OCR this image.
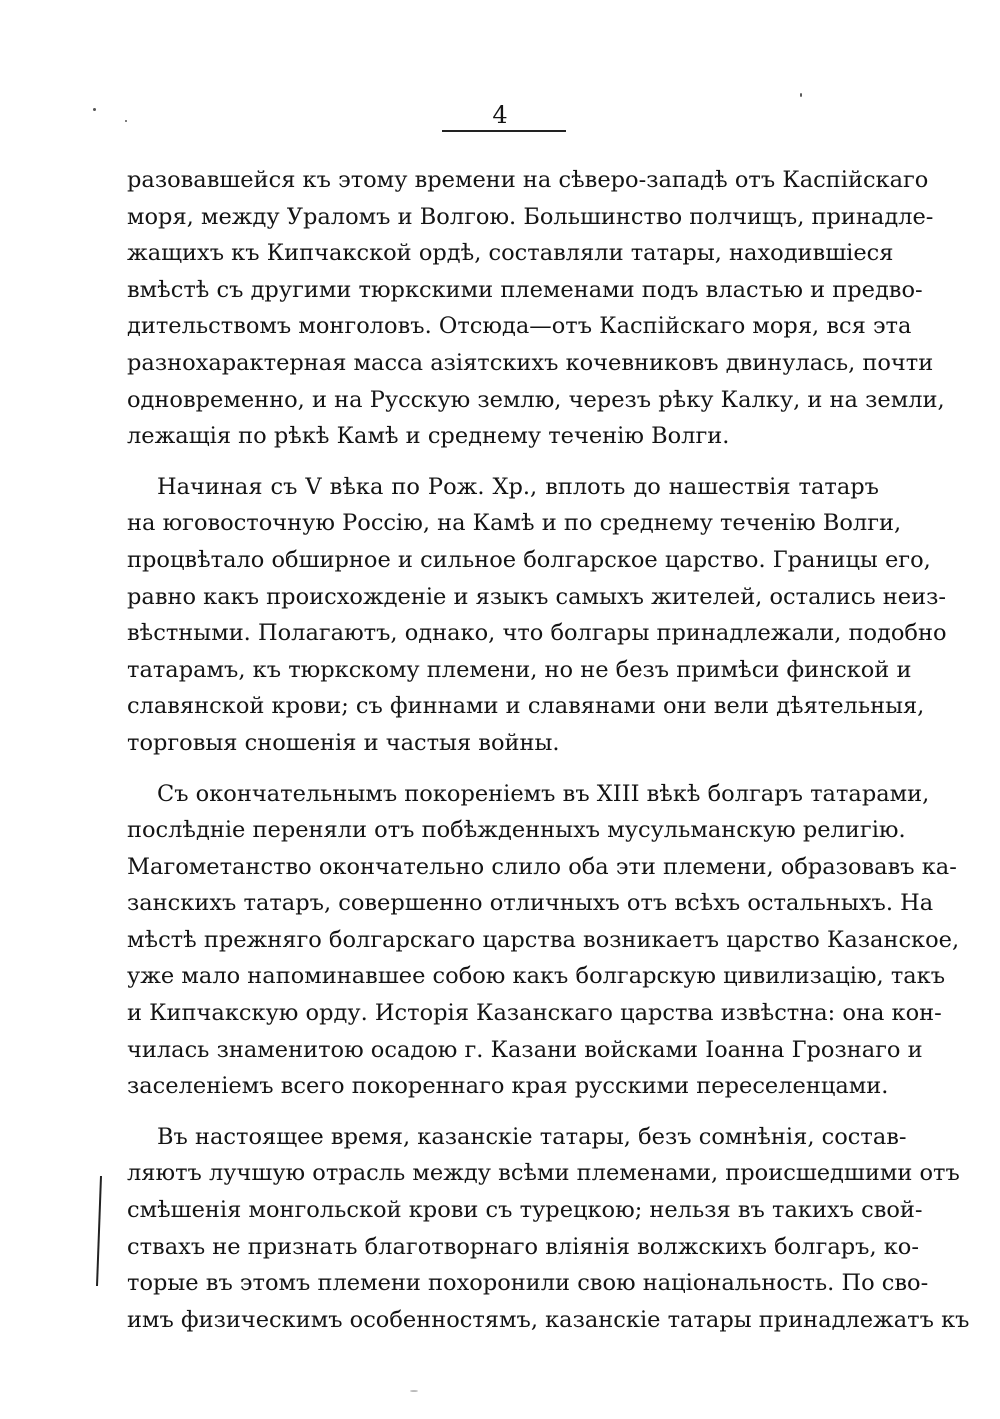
4
разовавшейся къ этому времени на сѣверо-западѣ отъ Каспійскаго
моря, между Ураломъ и Волгою. Большинство полчищъ, принадле-
жащихъ къ Кипчакской ордѣ, составляли татары, находившіеся
вмѣстѣ съ другими тюркскими племенами подъ властью и предво-
дительствомъ монголовъ. Отсюда—отъ Каспійскаго моря, вся эта
разнохарактерная масса азіятскихъ кочевниковъ двинулась, почти
одновременно, и на Русскую землю, черезъ рѣку Калку, и на земли,
лежащія по рѣкѣ Камѣ и среднему теченію Волги.
Начиная съ V вѣка по Рож. Хр., вплоть до нашествія татаръ
на юговосточную Россію, на Камѣ и по среднему теченію Волги,
процвѣтало обширное и сильное болгарское царство. Границы его,
равно какъ происхожденіе и языкъ самыхъ жителей, остались неиз-
вѣстными. Полагаютъ, однако, что болгары принадлежали, подобно
татарамъ, къ тюркскому племени, но не безъ примѣси финской и
славянской крови; съ финнами и славянами они вели дѣятельныя,
торговыя сношенія и частыя войны.
Съ окончательнымъ покореніемъ въ XIII вѣкѣ болгаръ татарами,
послѣдніе переняли отъ побѣжденныхъ мусульманскую религію.
Магометанство окончательно слило оба эти племени, образовавъ ка-
занскихъ татаръ, совершенно отличныхъ отъ всѣхъ остальныхъ. На
мѣстѣ прежняго болгарскаго царства возникаетъ царство Казанское,
уже мало напоминавшее собою какъ болгарскую цивилизацію, такъ
и Кипчакскую орду. Исторія Казанскаго царства извѣстна: она кон-
чилась знаменитою осадою г. Казани войсками Іоанна Грознаго и
заселеніемъ всего покореннаго края русскими переселенцами.
Въ настоящее время, казанскіе татары, безъ сомнѣнія, состав-
ляютъ лучшую отрасль между всѣми племенами, происшедшими отъ
смѣшенія монгольской крови съ турецкою; нельзя въ такихъ свой-
ствахъ не признать благотворнаго вліянія волжскихъ болгаръ, ко-
торые въ этомъ племени похоронили свою національность. По сво-
имъ физическимъ особенностямъ, казанскіе татары принадлежатъ къ
